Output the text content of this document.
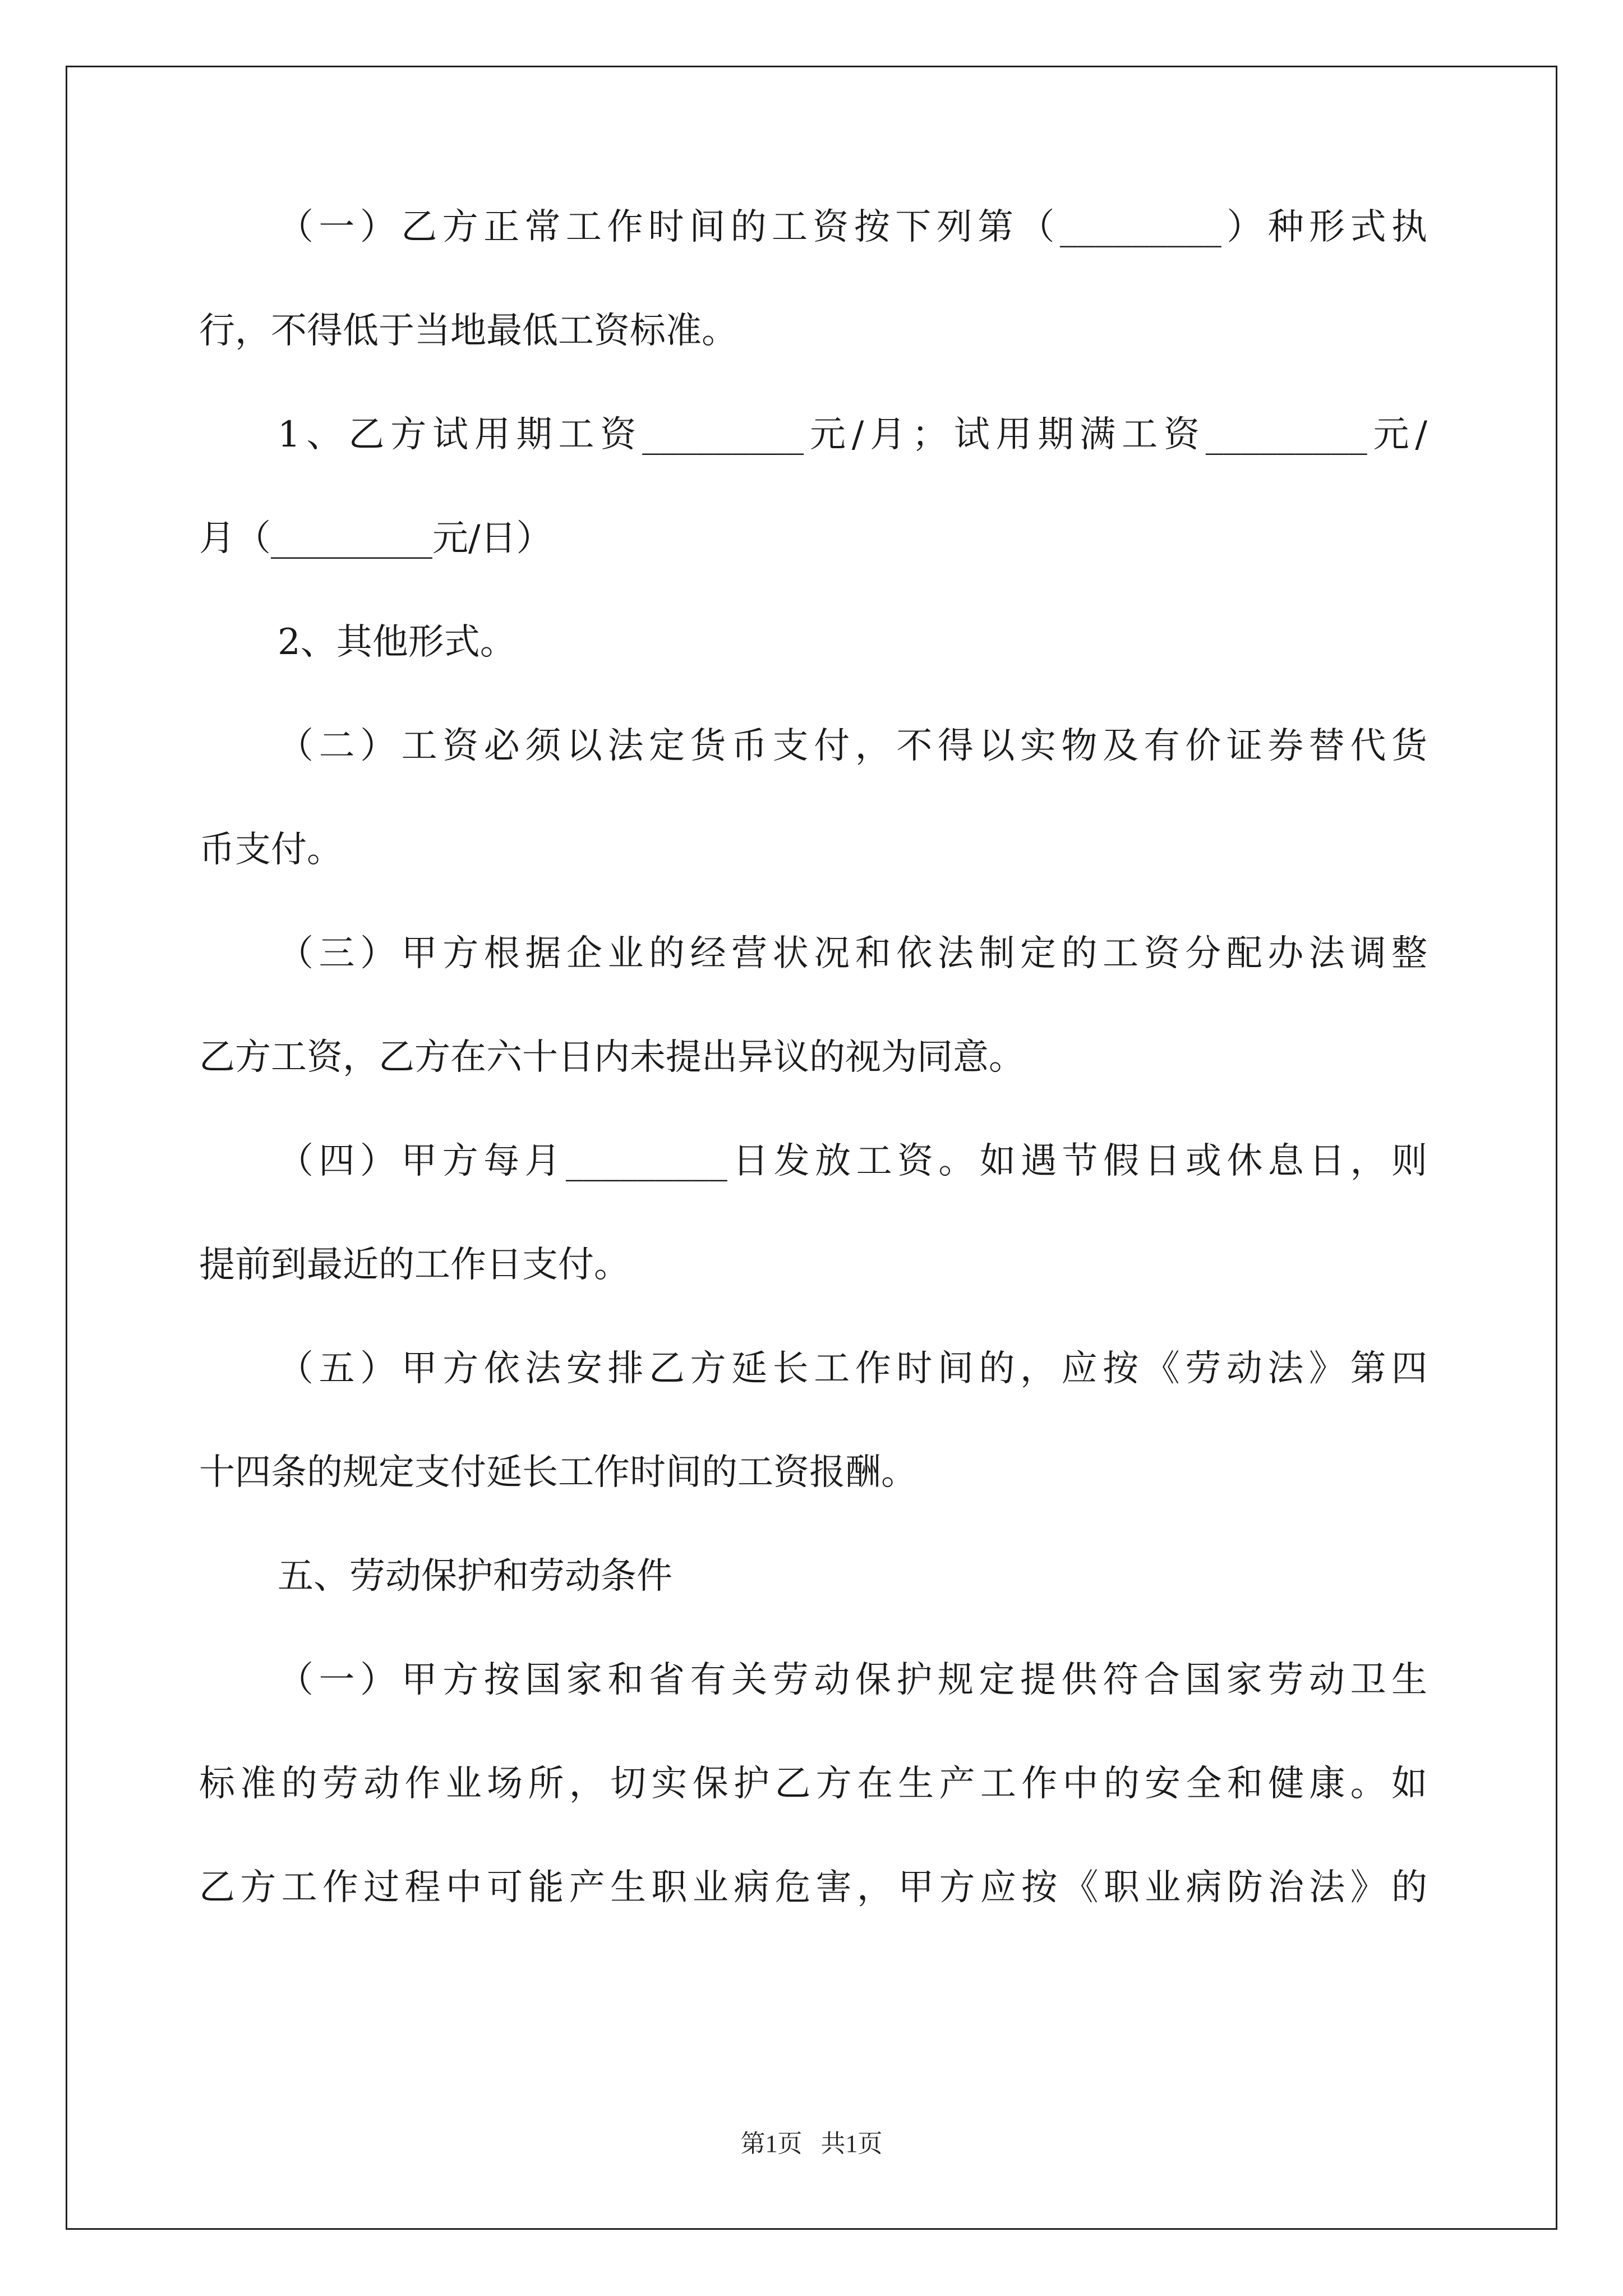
（一）乙方正常工作时间的工资按下列第（_________）种形式执
行，不得低于当地最低工资标准。
1、乙方试用期工资_________元/月；试用期满工资_________元/
月（_________元/日）
2、其他形式。
（二）工资必须以法定货币支付，不得以实物及有价证券替代货
币支付。
（三）甲方根据企业的经营状况和依法制定的工资分配办法调整
乙方工资，乙方在六十日内未提出异议的视为同意。
（四）甲方每月_________日发放工资。如遇节假日或休息日，则
提前到最近的工作日支付。
（五）甲方依法安排乙方延长工作时间的，应按《劳动法》第四
十四条的规定支付延长工作时间的工资报酬。
五、劳动保护和劳动条件
（一）甲方按国家和省有关劳动保护规定提供符合国家劳动卫生
标准的劳动作业场所，切实保护乙方在生产工作中的安全和健康。如
乙方工作过程中可能产生职业病危害，甲方应按《职业病防治法》的
第1页 共1页
